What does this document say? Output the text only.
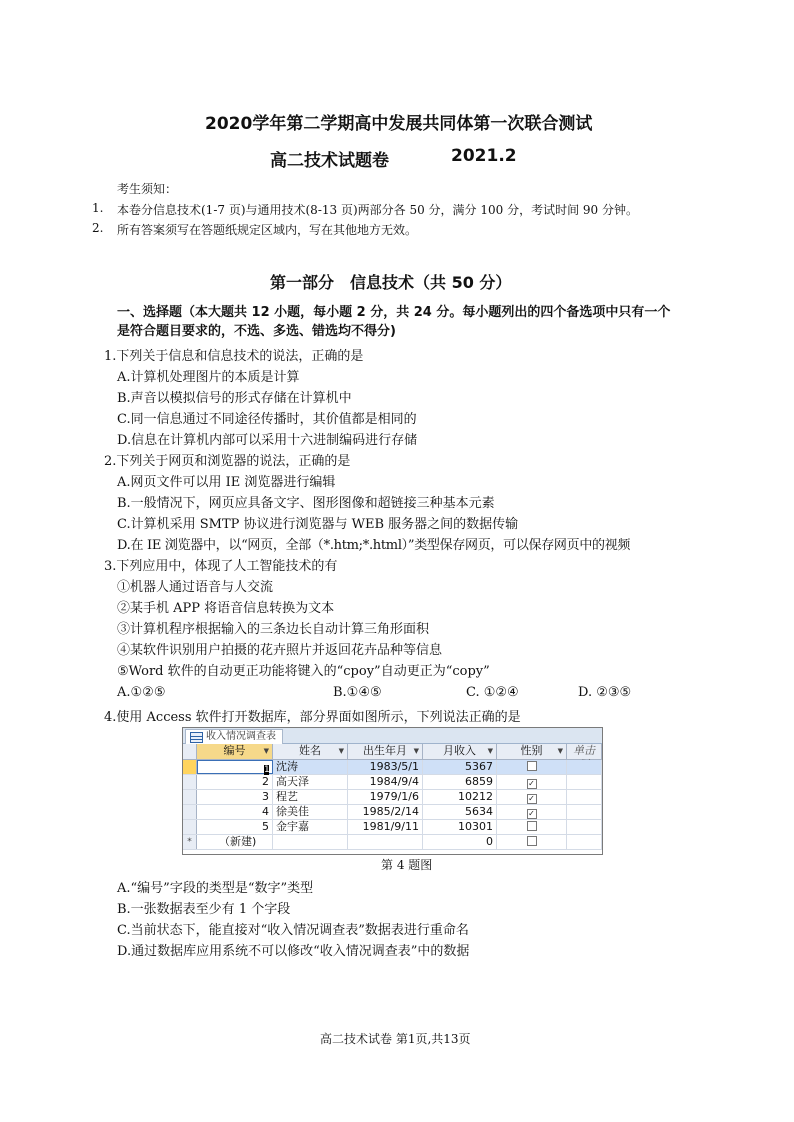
2020学年第二学期高中发展共同体第一次联合测试
高二技术试题卷	2021.2
考生须知：
1. 本卷分信息技术(1-7 页)与通用技术(8-13 页)两部分各 50 分，满分 100 分，考试时间 90 分钟。
2. 所有答案须写在答题纸规定区域内，写在其他地方无效。
第一部分　信息技术（共 50 分）
一、选择题（本大题共 12 小题，每小题 2 分，共 24 分。每小题列出的四个备选项中只有一个
是符合题目要求的，不选、多选、错选均不得分)
1.下列关于信息和信息技术的说法，正确的是
A.计算机处理图片的本质是计算
B.声音以模拟信号的形式存储在计算机中
C.同一信息通过不同途径传播时，其价值都是相同的
D.信息在计算机内部可以采用十六进制编码进行存储
2.下列关于网页和浏览器的说法，正确的是
A.网页文件可以用 IE 浏览器进行编辑
B.一般情况下，网页应具备文字、图形图像和超链接三种基本元素
C.计算机采用 SMTP 协议进行浏览器与 WEB 服务器之间的数据传输
D.在 IE 浏览器中，以“网页，全部（*.htm;*.html）”类型保存网页，可以保存网页中的视频
3.下列应用中，体现了人工智能技术的有
①机器人通过语音与人交流
②某手机 APP 将语音信息转换为文本
③计算机程序根据输入的三条边长自动计算三角形面积
④某软件识别用户拍摄的花卉照片并返回花卉品种等信息
⑤Word 软件的自动更正功能将键入的“cpoy”自动更正为“copy”
A.①②⑤	B.①④⑤	C. ①②④	D. ②③⑤
4.使用 Access 软件打开数据库，部分界面如图所示，下列说法正确的是
收入情况调查表
编号	▼	姓名	▼	出生年月 ▼	月收入 ▼	性别 ▼ 单击
1 沈涛	1983/5/1	5367
2 高天泽	1984/9/4	6859	✓
3 程艺	1979/1/6	10212	✓
4 徐美佳	1985/2/14	5634	✓
5 金宇嘉	1981/9/11	10301
*	（新建)	0
第 4 题图
A.“编号”字段的类型是“数字”类型
B.一张数据表至少有 1 个字段
C.当前状态下，能直接对“收入情况调查表”数据表进行重命名
D.通过数据库应用系统不可以修改“收入情况调查表”中的数据
高二技术试卷 第1页,共13页
